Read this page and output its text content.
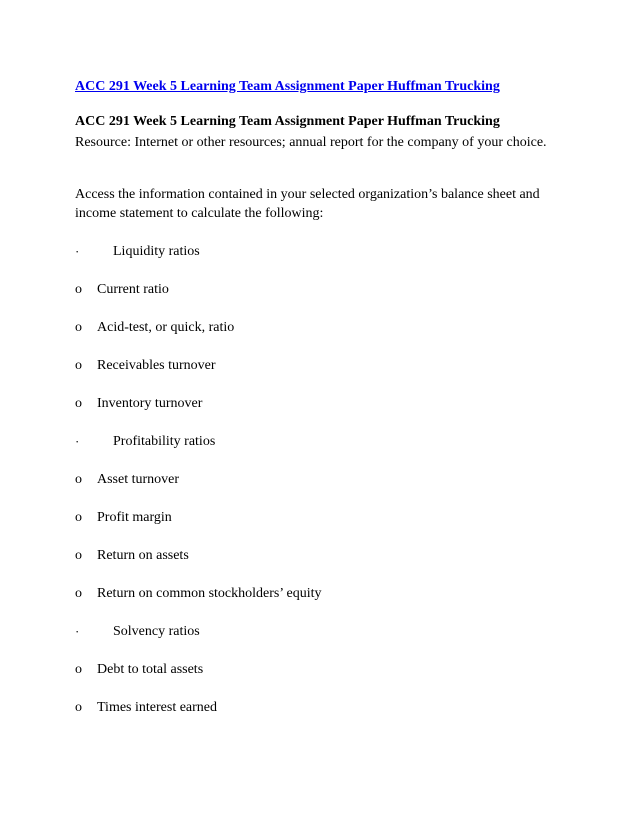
ACC 291 Week 5 Learning Team Assignment Paper Huffman Trucking
ACC 291 Week 5 Learning Team Assignment Paper Huffman Trucking
Resource: Internet or other resources; annual report for the company of your choice.
Access the information contained in your selected organization’s balance sheet and income statement to calculate the following:
· Liquidity ratios
o Current ratio
o Acid-test, or quick, ratio
o Receivables turnover
o Inventory turnover
· Profitability ratios
o Asset turnover
o Profit margin
o Return on assets
o Return on common stockholders’ equity
· Solvency ratios
o Debt to total assets
o Times interest earned
